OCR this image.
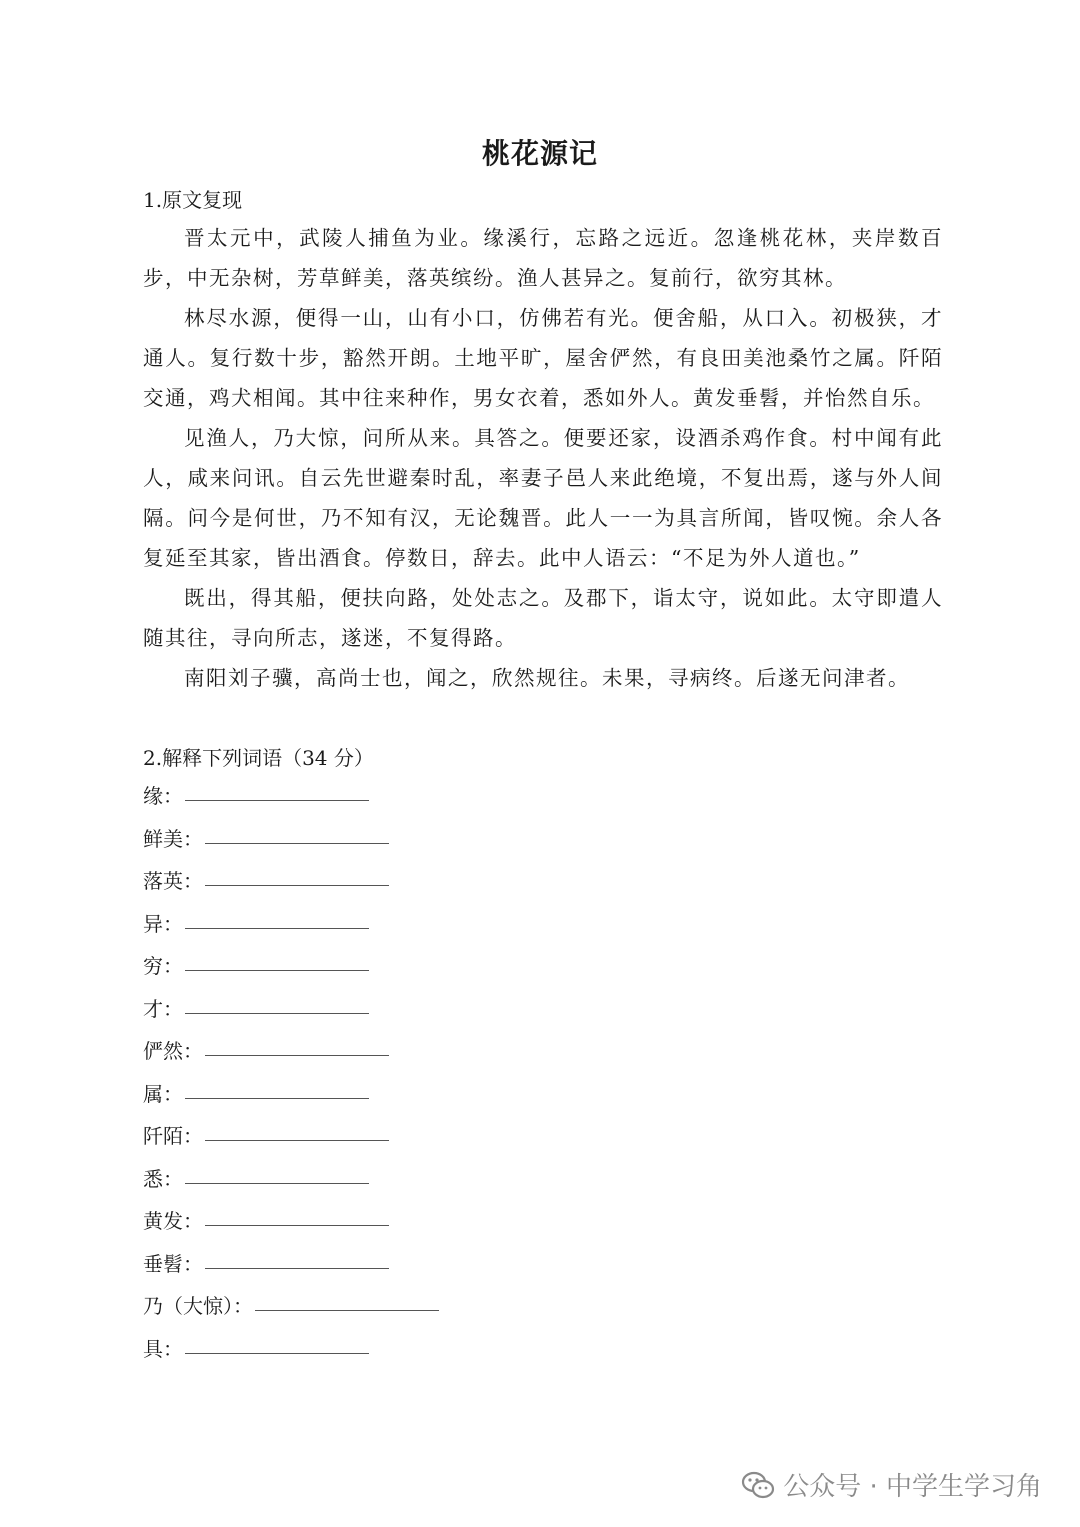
桃花源记
1.原文复现

晋太元中，武陵人捕鱼为业。缘溪行，忘路之远近。忽逢桃花林，夹岸数百步，中无杂树，芳草鲜美，落英缤纷。渔人甚异之。复前行，欲穷其林。

林尽水源，便得一山，山有小口，仿佛若有光。便舍船，从口入。初极狭，才通人。复行数十步，豁然开朗。土地平旷，屋舍俨然，有良田美池桑竹之属。阡陌交通，鸡犬相闻。其中往来种作，男女衣着，悉如外人。黄发垂髫，并怡然自乐。

见渔人，乃大惊，问所从来。具答之。便要还家，设酒杀鸡作食。村中闻有此人，咸来问讯。自云先世避秦时乱，率妻子邑人来此绝境，不复出焉，遂与外人间隔。问今是何世，乃不知有汉，无论魏晋。此人一一为具言所闻，皆叹惋。余人各复延至其家，皆出酒食。停数日，辞去。此中人语云：“不足为外人道也。”

既出，得其船，便扶向路，处处志之。及郡下，诣太守，说如此。太守即遣人随其往，寻向所志，遂迷，不复得路。

南阳刘子骥，高尚士也，闻之，欣然规往。未果，寻病终。后遂无问津者。

2.解释下列词语（34 分）
缘：
鲜美：
落英：
异：
穷：
才：
俨然：
属：
阡陌：
悉：
黄发：
垂髫：
乃（大惊）：
具：
公众号 · 中学生学习角
